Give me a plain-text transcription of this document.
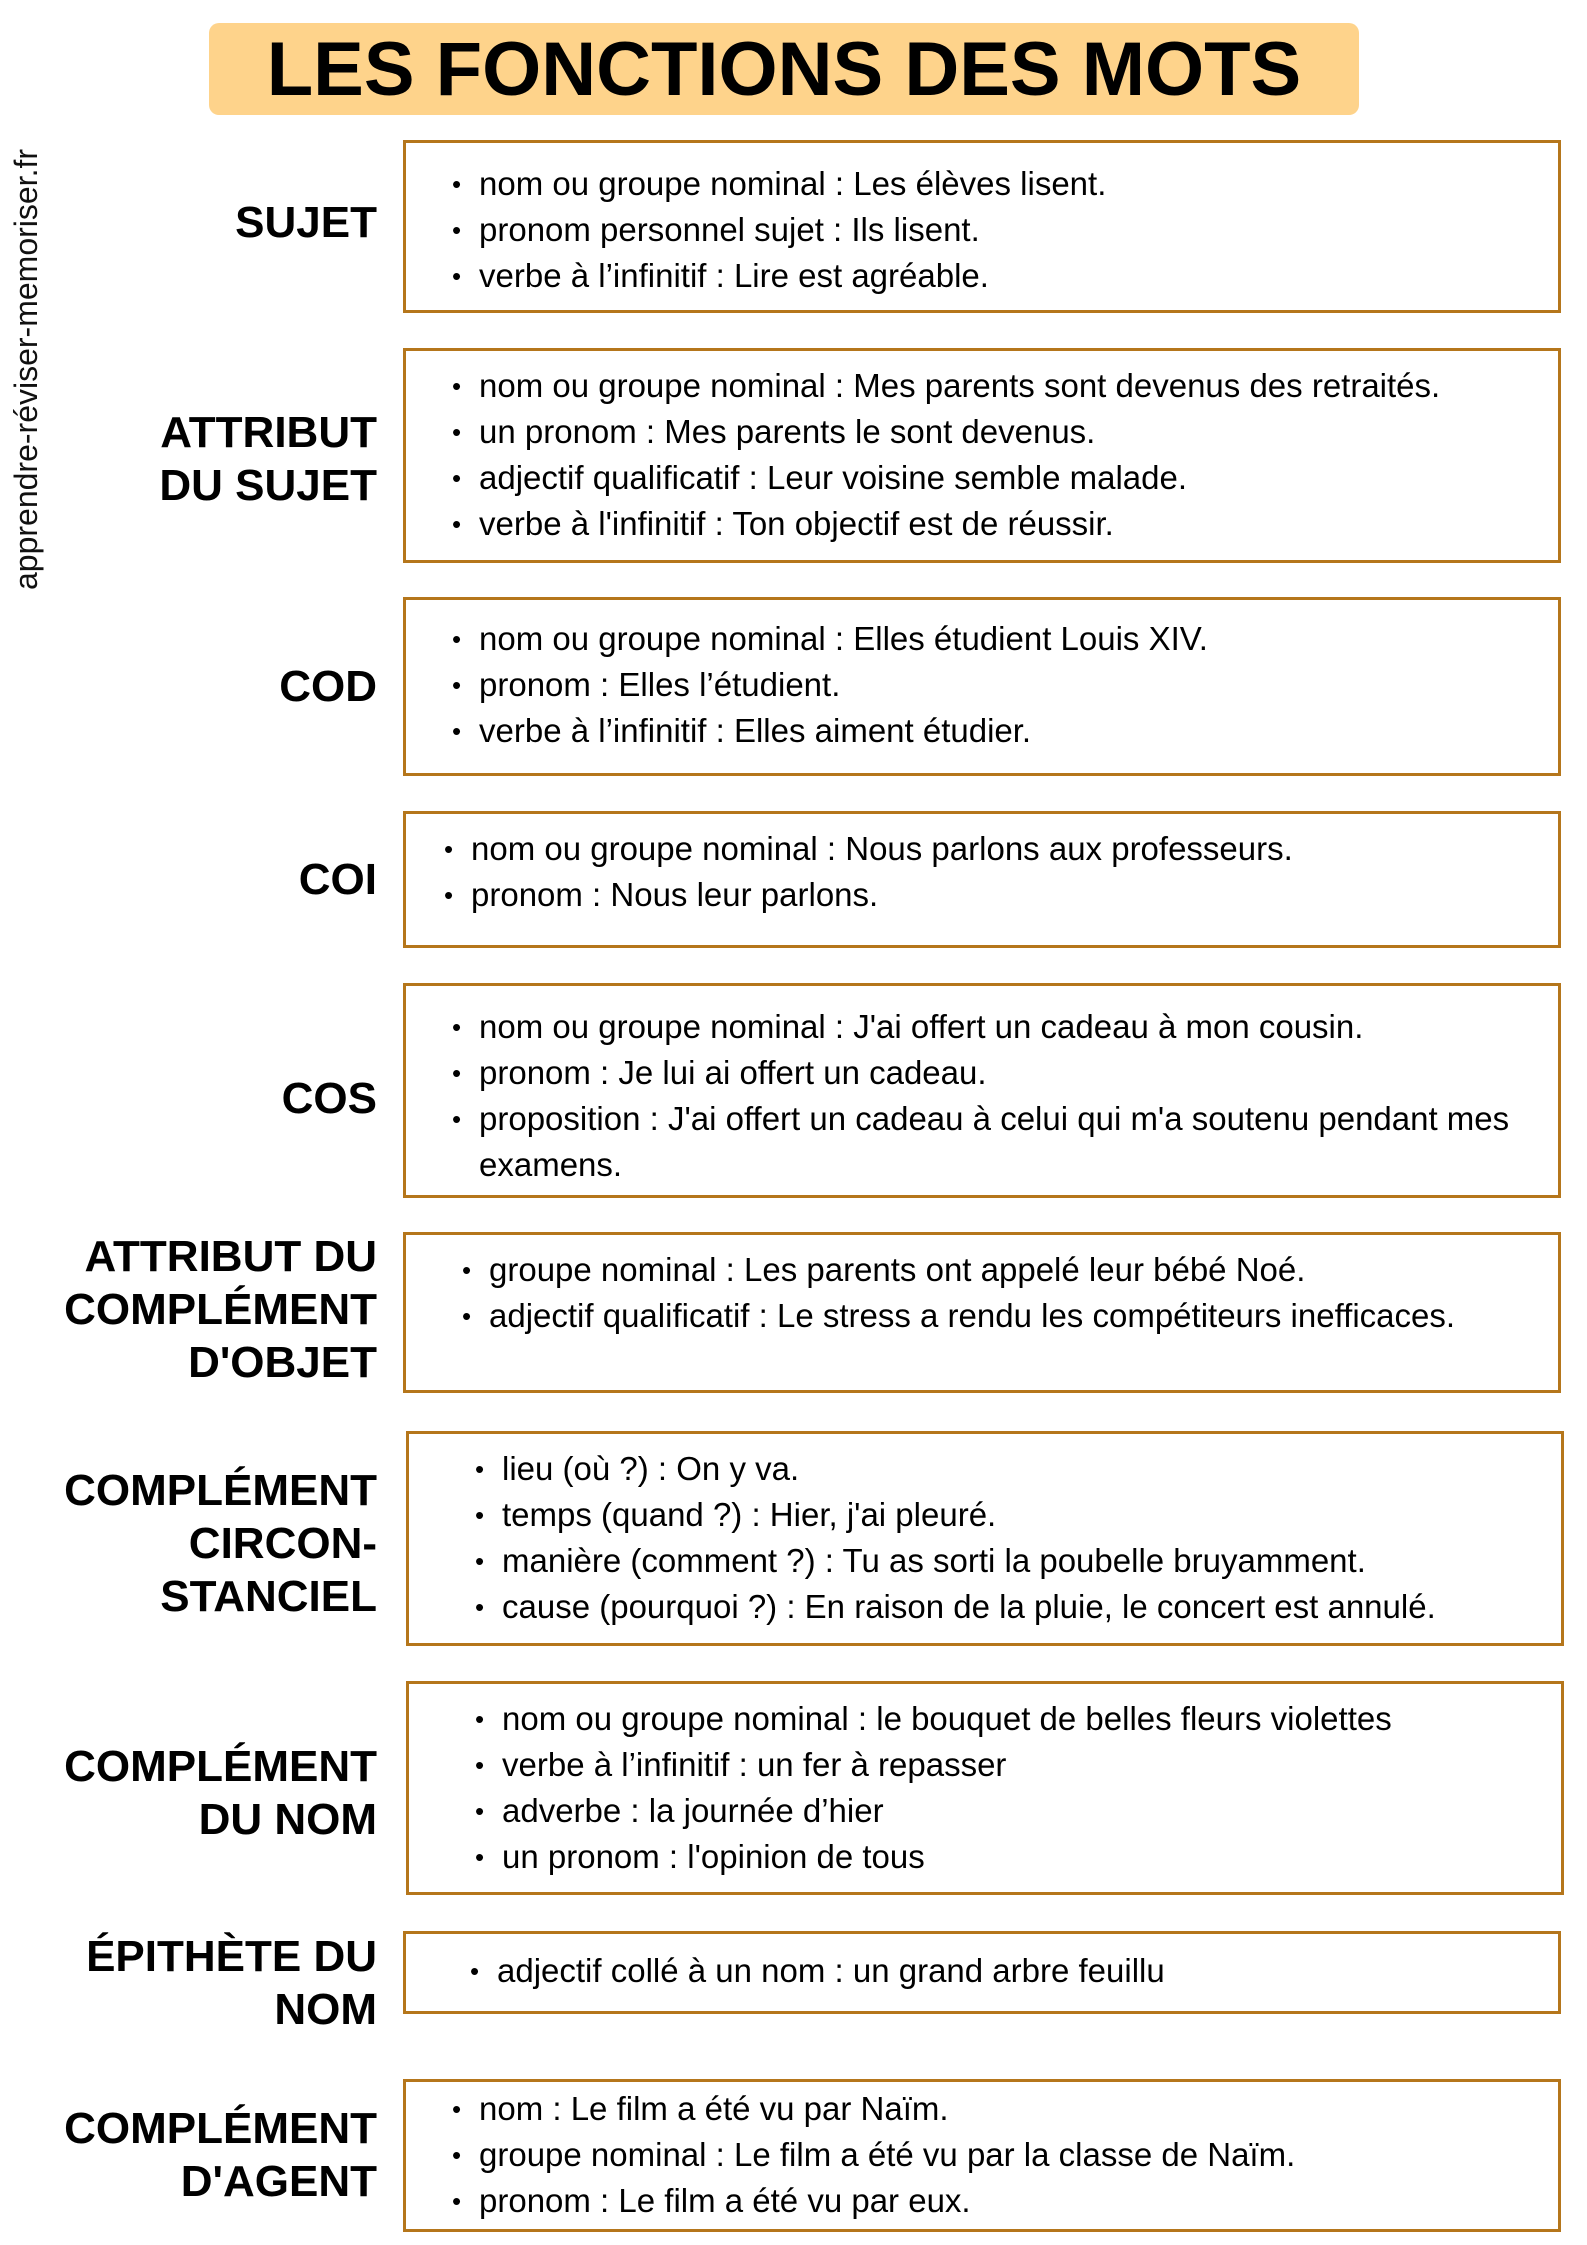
apprendre-réviser-memoriser.fr
LES FONCTIONS DES MOTS
SUJET
• nom ou groupe nominal : Les élèves lisent.
• pronom personnel sujet : Ils lisent.
• verbe à l’infinitif : Lire est agréable.
ATTRIBUT
DU SUJET
• nom ou groupe nominal : Mes parents sont devenus des retraités.
• un pronom : Mes parents le sont devenus.
• adjectif qualificatif : Leur voisine semble malade.
• verbe à l'infinitif : Ton objectif est de réussir.
COD
• nom ou groupe nominal : Elles étudient Louis XIV.
• pronom : Elles l’étudient.
• verbe à l’infinitif : Elles aiment étudier.
COI
• nom ou groupe nominal : Nous parlons aux professeurs.
• pronom : Nous leur parlons.
COS
• nom ou groupe nominal : J'ai offert un cadeau à mon cousin.
• pronom : Je lui ai offert un cadeau.
• proposition : J'ai offert un cadeau à celui qui m'a soutenu pendant mes examens.
ATTRIBUT DU
COMPLÉMENT
D'OBJET
• groupe nominal : Les parents ont appelé leur bébé Noé.
• adjectif qualificatif : Le stress a rendu les compétiteurs inefficaces.
COMPLÉMENT
CIRCON-
STANCIEL
• lieu (où ?) : On y va.
• temps (quand ?) : Hier, j'ai pleuré.
• manière (comment ?) : Tu as sorti la poubelle bruyamment.
• cause (pourquoi ?) : En raison de la pluie, le concert est annulé.
COMPLÉMENT
DU NOM
• nom ou groupe nominal : le bouquet de belles fleurs violettes
• verbe à l’infinitif : un fer à repasser
• adverbe : la journée d’hier
• un pronom : l'opinion de tous
ÉPITHÈTE DU
NOM
• adjectif collé à un nom : un grand arbre feuillu
COMPLÉMENT
D'AGENT
• nom : Le film a été vu par Naïm.
• groupe nominal : Le film a été vu par la classe de Naïm.
• pronom : Le film a été vu par eux.
